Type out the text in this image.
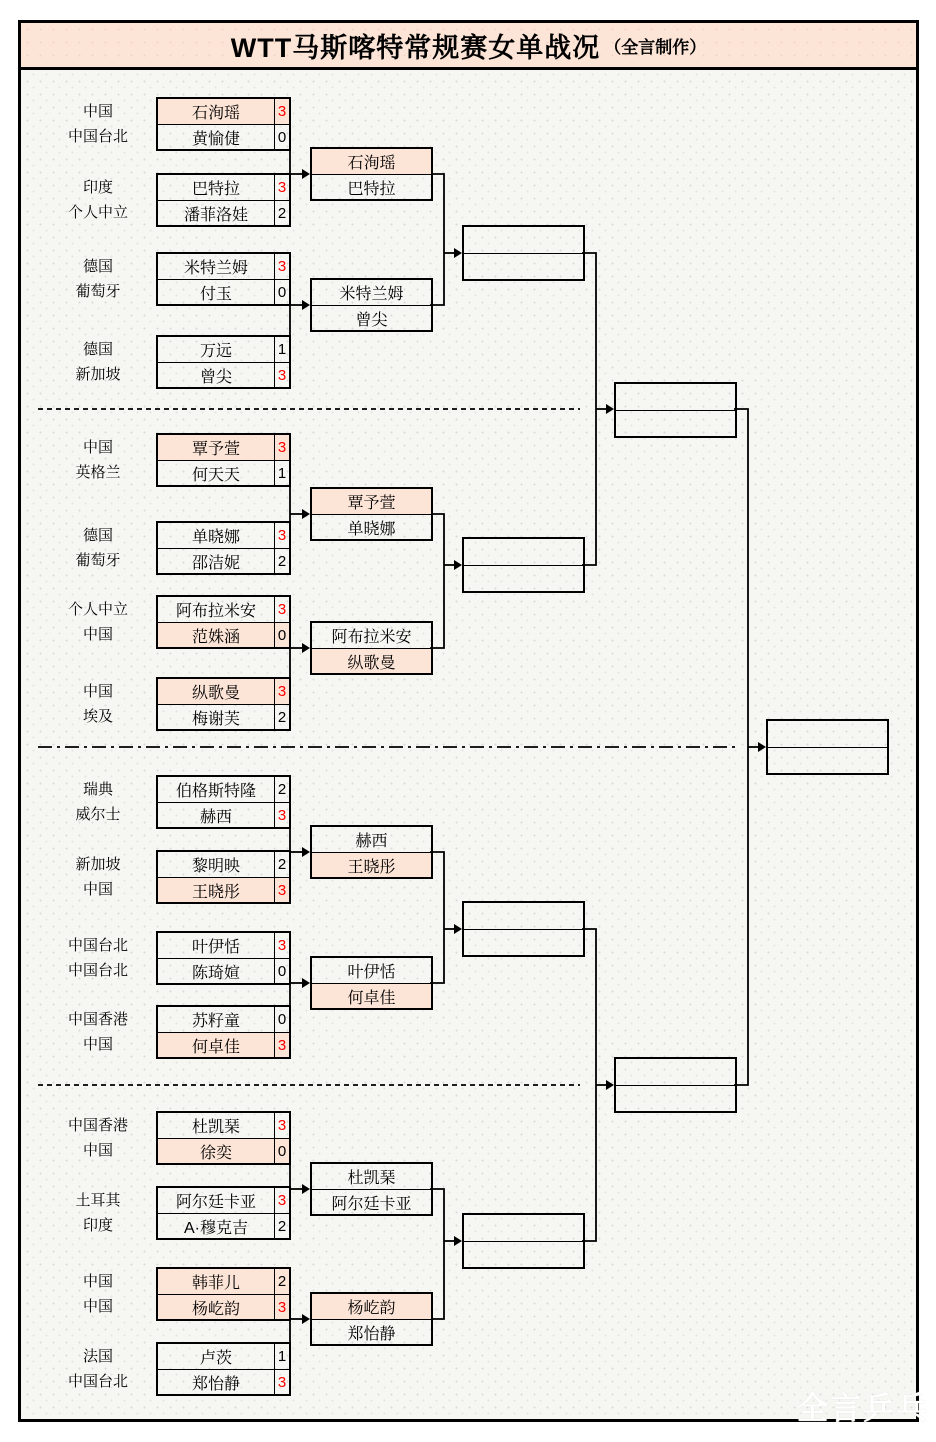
WTT马斯喀特常规赛女单战况 （全言制作）
中国
中国台北
石洵瑶	3
黄愉倢	0
印度
个人中立
巴特拉	3
潘菲洛娃	2
德国
葡萄牙
米特兰姆	3
付玉	0
德国
新加坡
万远	1
曾尖	3
中国
英格兰
覃予萱	3
何天天	1
德国
葡萄牙
单晓娜	3
邵洁妮	2
个人中立
中国
阿布拉米安	3
范姝涵	0
中国
埃及
纵歌曼	3
梅谢芙	2
瑞典
威尔士
伯格斯特隆	2
赫西	3
新加坡
中国
黎明映	2
王晓彤	3
中国台北
中国台北
叶伊恬	3
陈琦媗	0
中国香港
中国
苏籽童	0
何卓佳	3
中国香港
中国
杜凯琹	3
徐奕	0
土耳其
印度
阿尔廷卡亚	3
A·穆克吉	2
中国
中国
韩菲儿	2
杨屹韵	3
法国
中国台北
卢茨	1
郑怡静	3
石洵瑶
巴特拉
米特兰姆
曾尖
覃予萱
单晓娜
阿布拉米安
纵歌曼
赫西
王晓彤
叶伊恬
何卓佳
杜凯琹
阿尔廷卡亚
杨屹韵
郑怡静
全言乒乓
